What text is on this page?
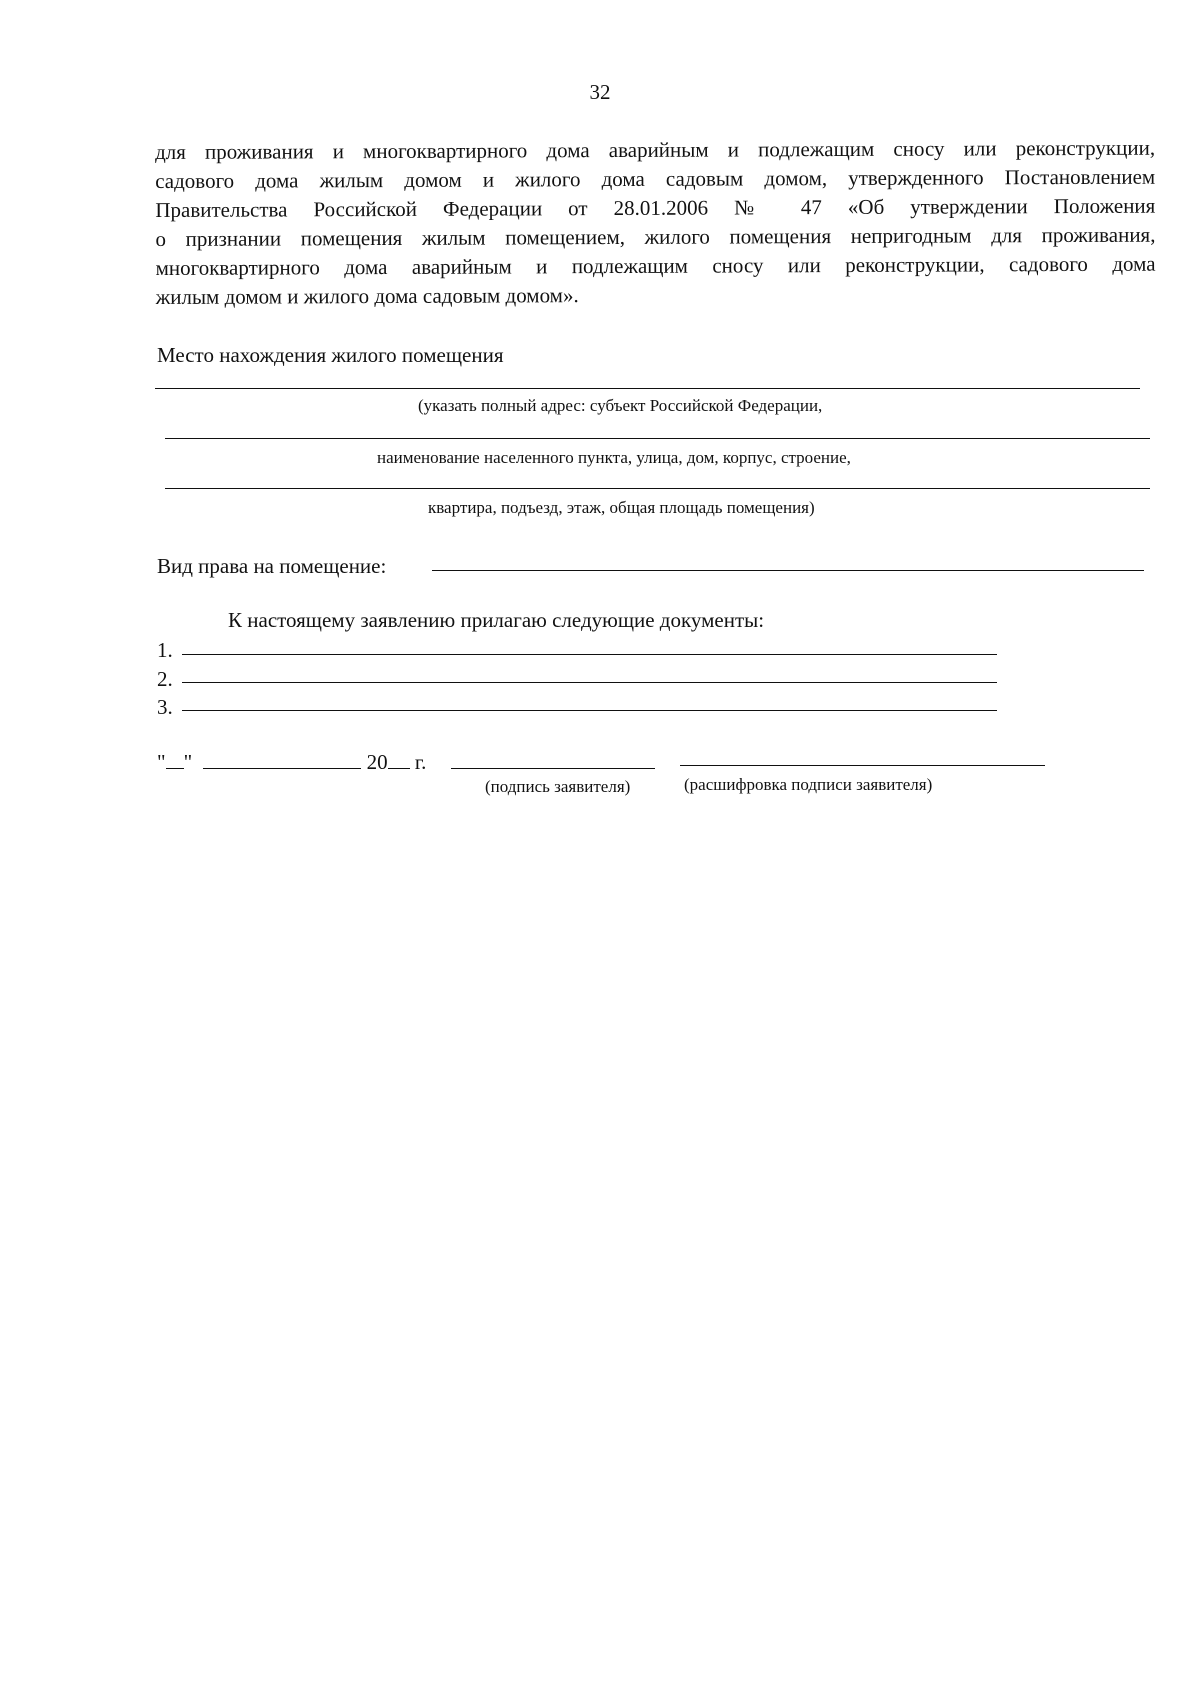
32
для проживания и многоквартирного дома аварийным и подлежащим сносу или реконструкции,
садового дома жилым домом и жилого дома садовым домом, утвержденного Постановлением
Правительства Российской Федерации от 28.01.2006 № 47 «Об утверждении Положения
о признании помещения жилым помещением, жилого помещения непригодным для проживания,
многоквартирного дома аварийным и подлежащим сносу или реконструкции, садового дома
жилым домом и жилого дома садовым домом».
Место нахождения жилого помещения
(указать полный адрес: субъект Российской Федерации,
наименование населенного пункта, улица, дом, корпус, строение,
квартира, подъезд, этаж, общая площадь помещения)
Вид права на помещение:
К настоящему заявлению прилагаю следующие документы:
1.
2.
3.
" "	20 г.
(подпись заявителя)	(расшифровка подписи заявителя)
